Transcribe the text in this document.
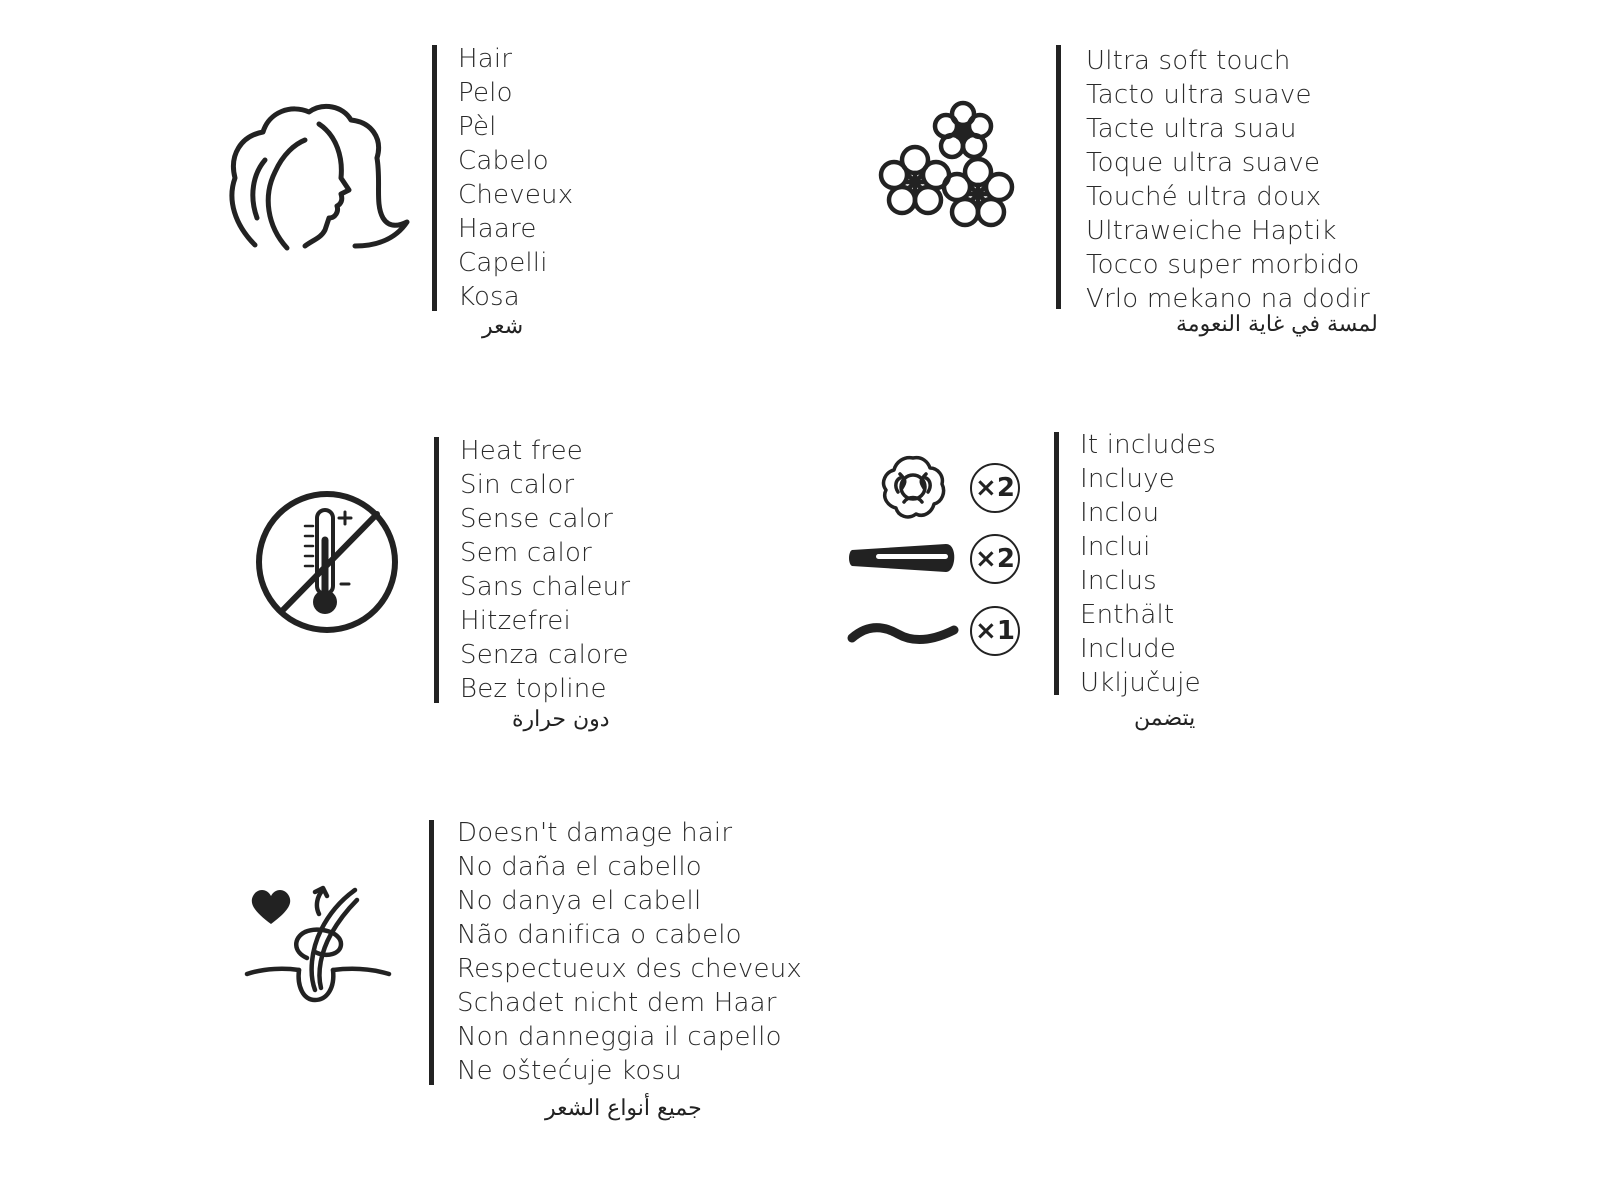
Hair
Pelo
Pèl
Cabelo
Cheveux
Haare
Capelli
Kosa
شعر
Ultra soft touch
Tacto ultra suave
Tacte ultra suau
Toque ultra suave
Touché ultra doux
Ultraweiche Haptik
Tocco super morbido
Vrlo mekano na dodir
لمسة في غاية النعومة
Heat free
Sin calor
Sense calor
Sem calor
Sans chaleur
Hitzefrei
Senza calore
Bez topline
دون حرارة
×2
×2
×1
It includes
Incluye
Inclou
Inclui
Inclus
Enthält
Include
Uključuje
يتضمن
Doesn't damage hair
No daña el cabello
No danya el cabell
Não danifica o cabelo
Respectueux des cheveux
Schadet nicht dem Haar
Non danneggia il capello
Ne oštećuje kosu
جميع أنواع الشعر
